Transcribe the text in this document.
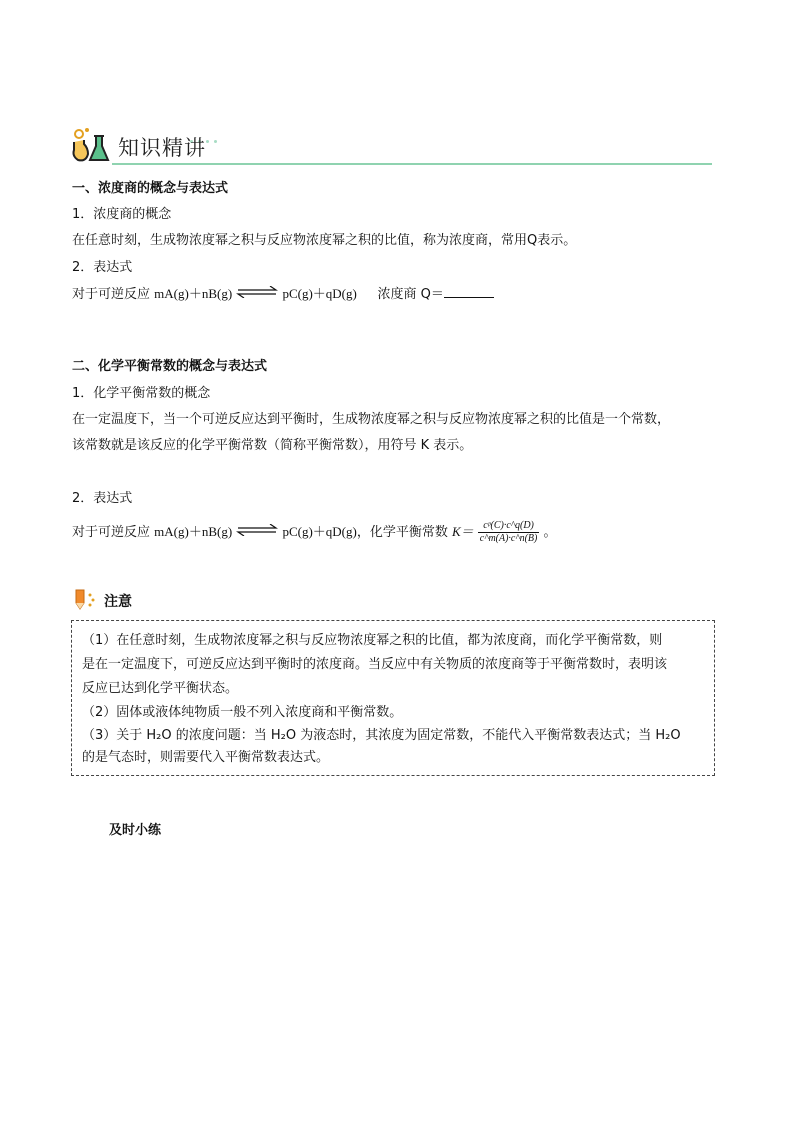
知识精讲
一、浓度商的概念与表达式
1．浓度商的概念
在任意时刻，生成物浓度幂之积与反应物浓度幂之积的比值，称为浓度商，常用Q表示。
2．表达式
对于可逆反应 mA(g)＋nB(g) ⇌ pC(g)＋qD(g) 浓度商 Q＝
二、化学平衡常数的概念与表达式
1．化学平衡常数的概念
在一定温度下，当一个可逆反应达到平衡时，生成物浓度幂之积与反应物浓度幂之积的比值是一个常数，
该常数就是该反应的化学平衡常数（简称平衡常数），用符号 K 表示。
2．表达式
对于可逆反应 mA(g)＋nB(g) ⇌ pC(g)＋qD(g)，化学平衡常数 $K= \frac{\text{cᵖ(C)·c\textasciicircum{}q(D)}}{c\^{}m(A)\cdot c\^{}n(B)}$ 。
注意
（1）在任意时刻，生成物浓度幂之积与反应物浓度幂之积的比值，都为浓度商，而化学平衡常数，则
是在一定温度下，可逆反应达到平衡时的浓度商。当反应中有关物质的浓度商等于平衡常数时，表明该
反应已达到化学平衡状态。
（2）固体或液体纯物质一般不列入浓度商和平衡常数。
（3）关于 H₂O 的浓度问题：当 H₂O 为液态时，其浓度为固定常数，不能代入平衡常数表达式；当 H₂O
的是气态时，则需要代入平衡常数表达式。
及时小练
